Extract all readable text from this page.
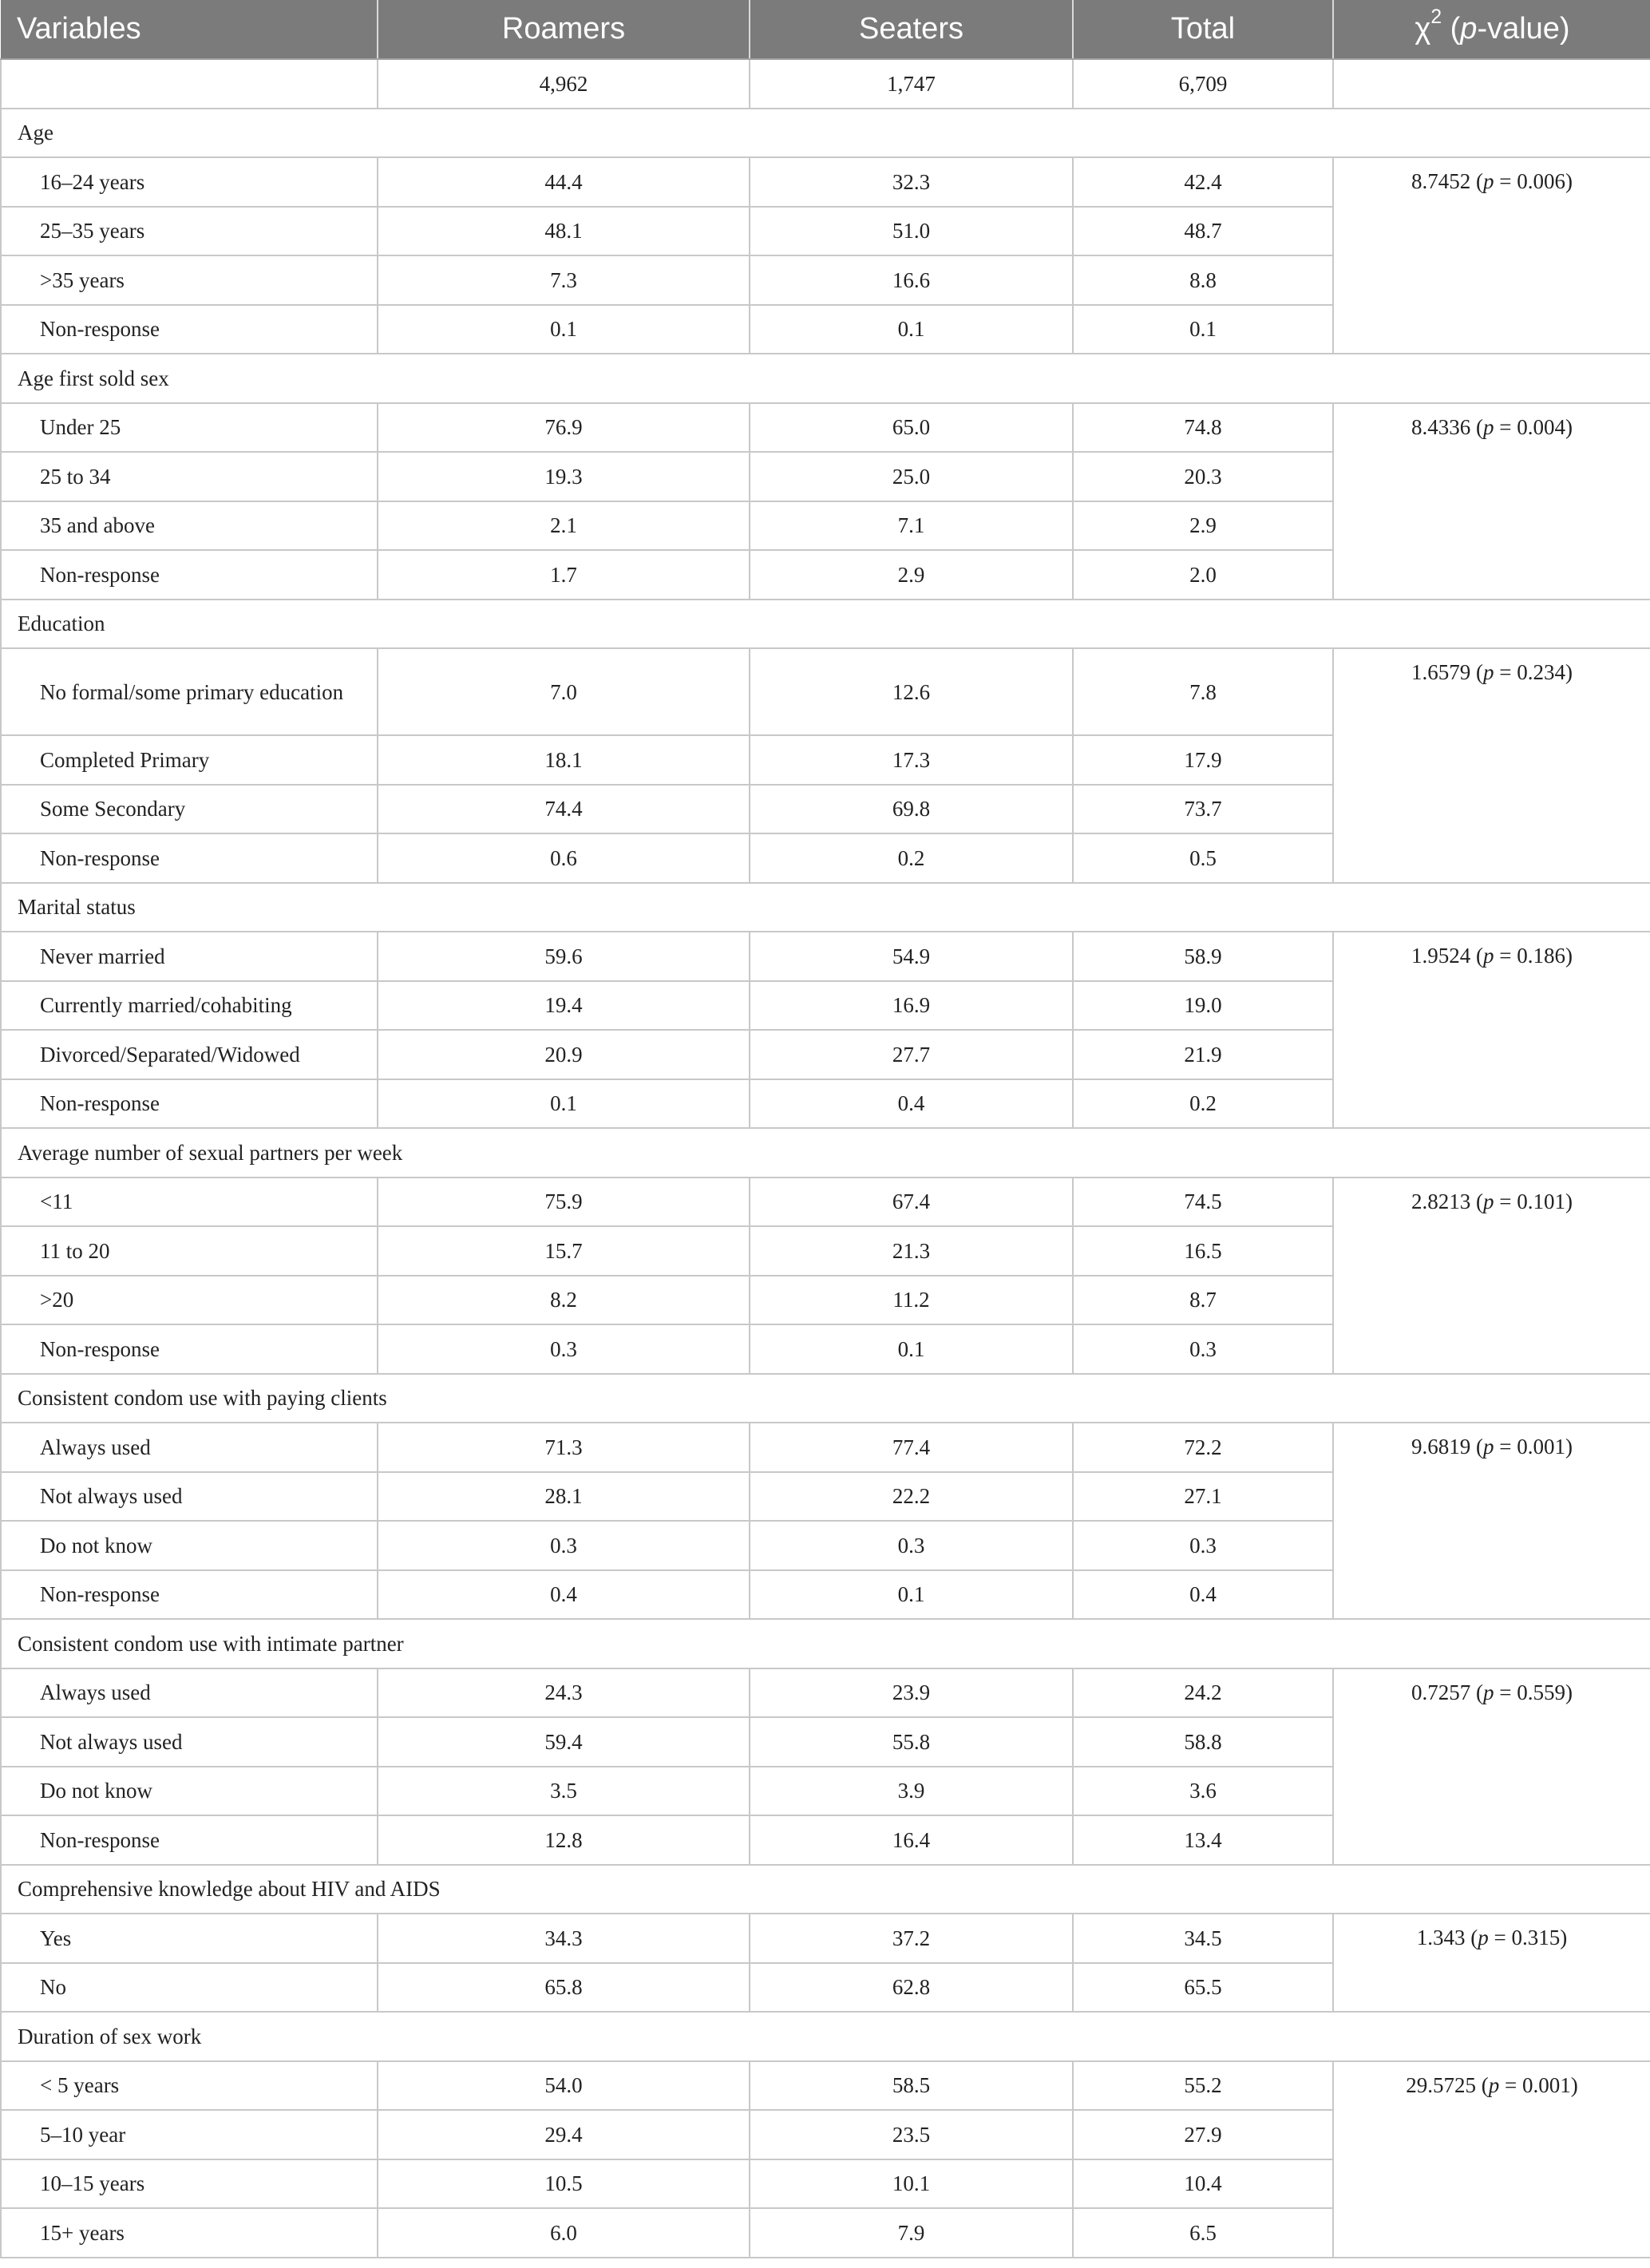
Variables	Roamers	Seaters	Total	$\chi^2$ (p-value)
	4,962	1,747	6,709	
Age				
16–24 years	44.4	32.3	42.4	8.7452 (p = 0.006)
25–35 years	48.1	51.0	48.7	
>35 years	7.3	16.6	8.8	
Non-response	0.1	0.1	0.1	
Age first sold sex				
Under 25	76.9	65.0	74.8	8.4336 (p = 0.004)
25 to 34	19.3	25.0	20.3	
35 and above	2.1	7.1	2.9	
Non-response	1.7	2.9	2.0	
Education				
No formal/some primary education	7.0	12.6	7.8	1.6579 (p = 0.234)
Completed Primary	18.1	17.3	17.9	
Some Secondary	74.4	69.8	73.7	
Non-response	0.6	0.2	0.5	
Marital status				
Never married	59.6	54.9	58.9	1.9524 (p = 0.186)
Currently married/cohabiting	19.4	16.9	19.0	
Divorced/Separated/Widowed	20.9	27.7	21.9	
Non-response	0.1	0.4	0.2	
Average number of sexual partners per week				
<11	75.9	67.4	74.5	2.8213 (p = 0.101)
11 to 20	15.7	21.3	16.5	
>20	8.2	11.2	8.7	
Non-response	0.3	0.1	0.3	
Consistent condom use with paying clients				
Always used	71.3	77.4	72.2	9.6819 (p = 0.001)
Not always used	28.1	22.2	27.1	
Do not know	0.3	0.3	0.3	
Non-response	0.4	0.1	0.4	
Consistent condom use with intimate partner				
Always used	24.3	23.9	24.2	0.7257 (p = 0.559)
Not always used	59.4	55.8	58.8	
Do not know	3.5	3.9	3.6	
Non-response	12.8	16.4	13.4	
Comprehensive knowledge about HIV and AIDS				
Yes	34.3	37.2	34.5	1.343 (p = 0.315)
No	65.8	62.8	65.5	
Duration of sex work				
< 5 years	54.0	58.5	55.2	29.5725 (p = 0.001)
5–10 year	29.4	23.5	27.9	
10–15 years	10.5	10.1	10.4	
15+ years	6.0	7.9	6.5	
